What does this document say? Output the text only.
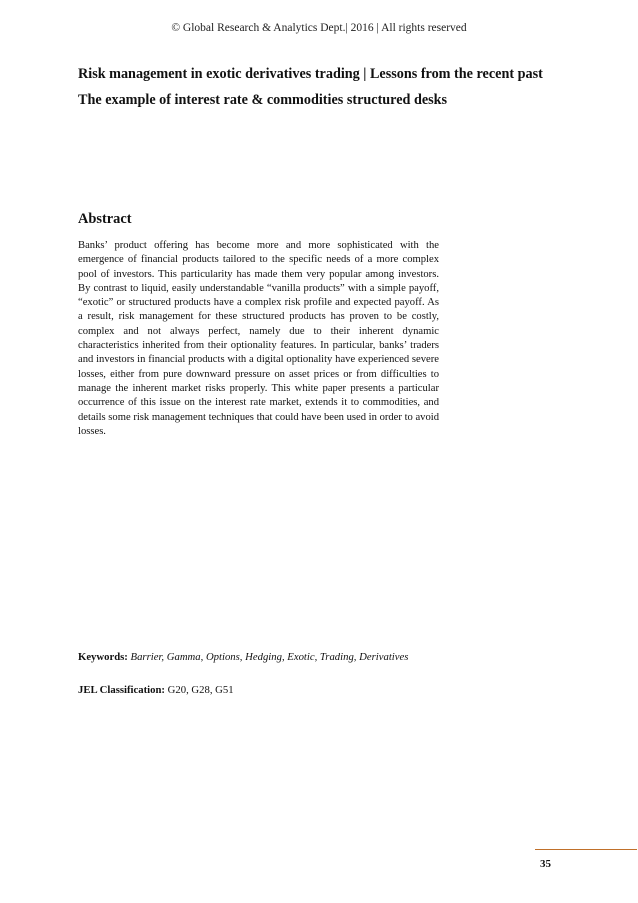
© Global Research & Analytics Dept.| 2016 | All rights reserved
Risk management in exotic derivatives trading | Lessons from the recent past
The example of interest rate & commodities structured desks
Abstract

Banks’ product offering has become more and more sophisticated with the emergence of financial products tailored to the specific needs of a more complex pool of investors. This particularity has made them very popular among investors. By contrast to liquid, easily understandable “vanilla products” with a simple payoff, “exotic” or structured products have a complex risk profile and expected payoff. As a result, risk management for these structured products has proven to be costly, complex and not always perfect, namely due to their inherent dynamic characteristics inherited from their optionality features. In particular, banks’ traders and investors in financial products with a digital optionality have experienced severe losses, either from pure downward pressure on asset prices or from difficulties to manage the inherent market risks properly. This white paper presents a particular occurrence of this issue on the interest rate market, extends it to commodities, and details some risk management techniques that could have been used in order to avoid losses.

Keywords: Barrier, Gamma, Options, Hedging, Exotic, Trading, Derivatives

JEL Classification: G20, G28, G51

35
